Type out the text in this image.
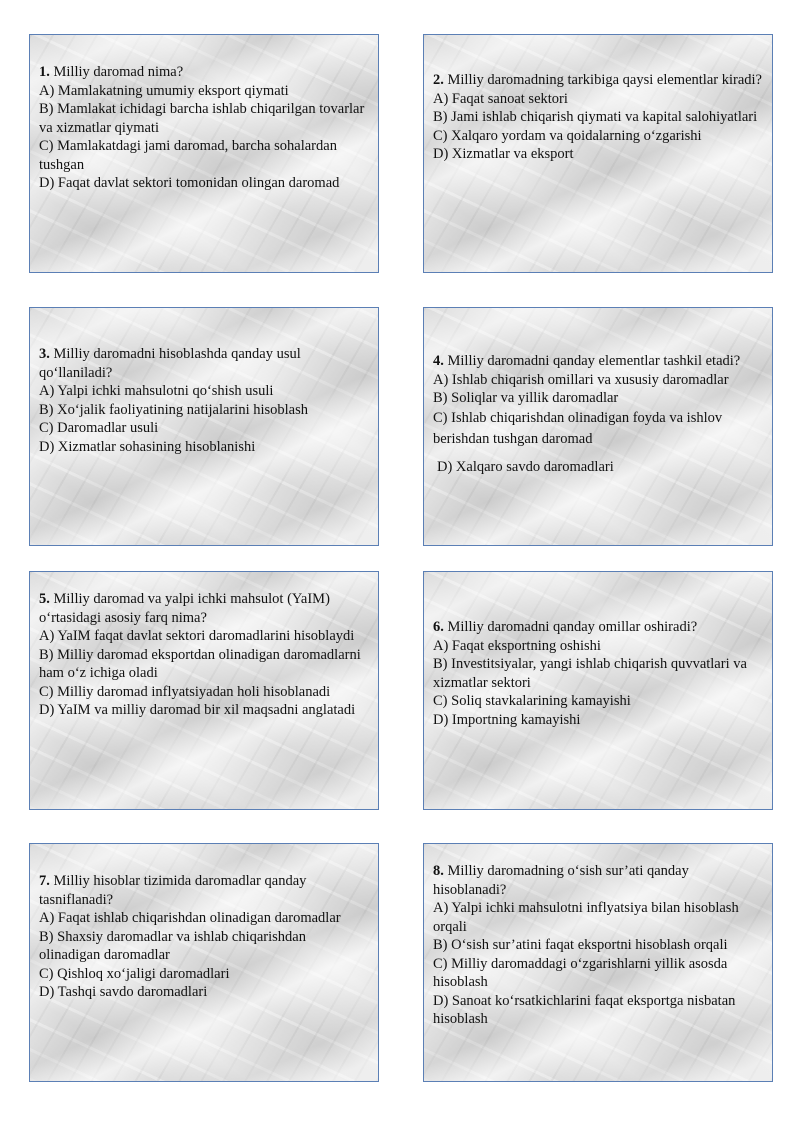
1. Milliy daromad nima?

A) Mamlakatning umumiy eksport qiymati

B) Mamlakat ichidagi barcha ishlab chiqarilgan tovarlar va xizmatlar qiymati

C) Mamlakatdagi jami daromad, barcha sohalardan tushgan

D) Faqat davlat sektori tomonidan olingan daromad

2. Milliy daromadning tarkibiga qaysi elementlar kiradi?

A) Faqat sanoat sektori

B) Jami ishlab chiqarish qiymati va kapital salohiyatlari

C) Xalqaro yordam va qoidalarning o‘zgarishi

D) Xizmatlar va eksport

3. Milliy daromadni hisoblashda qanday usul qo‘llaniladi?

A) Yalpi ichki mahsulotni qo‘shish usuli

B) Xo‘jalik faoliyatining natijalarini hisoblash

C) Daromadlar usuli

D) Xizmatlar sohasining hisoblanishi

4. Milliy daromadni qanday elementlar tashkil etadi?

A) Ishlab chiqarish omillari va xususiy daromadlar

B) Soliqlar va yillik daromadlar

C) Ishlab chiqarishdan olinadigan foyda va ishlov berishdan tushgan daromad

D) Xalqaro savdo daromadlari

5. Milliy daromad va yalpi ichki mahsulot (YaIM) o‘rtasidagi asosiy farq nima?

A) YaIM faqat davlat sektori daromadlarini hisoblaydi

B) Milliy daromad eksportdan olinadigan daromadlarni ham o‘z ichiga oladi

C) Milliy daromad inflyatsiyadan holi hisoblanadi

D) YaIM va milliy daromad bir xil maqsadni anglatadi

6. Milliy daromadni qanday omillar oshiradi?

A) Faqat eksportning oshishi

B) Investitsiyalar, yangi ishlab chiqarish quvvatlari va xizmatlar sektori

C) Soliq stavkalarining kamayishi

D) Importning kamayishi

7. Milliy hisoblar tizimida daromadlar qanday tasniflanadi?

A) Faqat ishlab chiqarishdan olinadigan daromadlar

B) Shaxsiy daromadlar va ishlab chiqarishdan olinadigan daromadlar

C) Qishloq xo‘jaligi daromadlari

D) Tashqi savdo daromadlari

8. Milliy daromadning o‘sish sur’ati qanday hisoblanadi?

A) Yalpi ichki mahsulotni inflyatsiya bilan hisoblash orqali

B) O‘sish sur’atini faqat eksportni hisoblash orqali

C) Milliy daromaddagi o‘zgarishlarni yillik asosda hisoblash

D) Sanoat ko‘rsatkichlarini faqat eksportga nisbatan hisoblash
